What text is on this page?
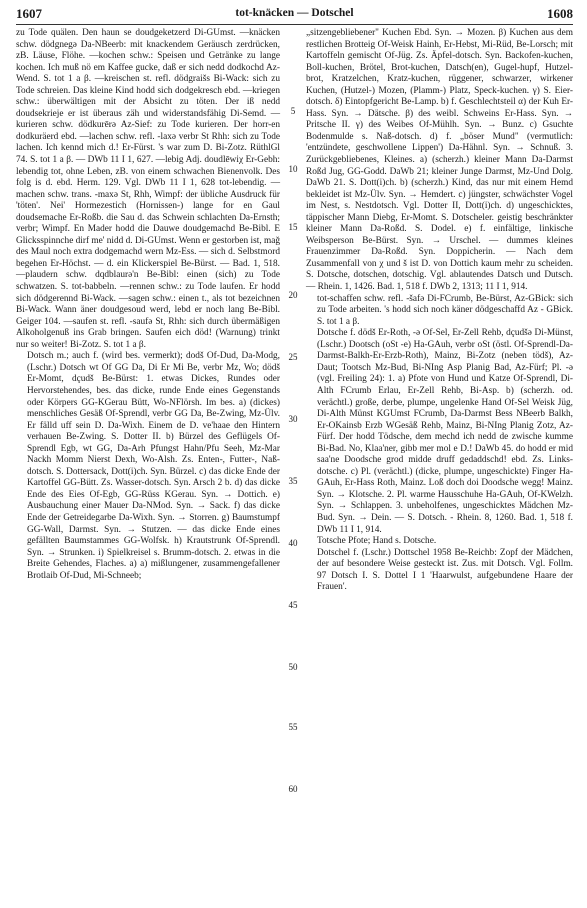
1607	tot-knäcken — Dotschel	1608

zu Tode quälen. Den haun se doudgeketzerd Di-GUmst. —knäcken schw. dödgnegə Da-NBeerb: mit knackendem Geräusch zerdrücken, zB. Läuse, Flöhe. —kochen schw.: Speisen und Getränke zu lange kochen. Ich muß nö em Kaffee gucke, daß er sich nedd dodkochd Az-Wend. S. tot 1 a β. —kreischen st. refl. dödgraišs Bi-Wack: sich zu Tode schreien. Das kleine Kind hodd sich dodgekresch ebd. —kriegen schw.: überwältigen mit der Absicht zu töten. Der iß nedd doudsekrieje er ist überaus zäh und widerstandsfähig Di-Semd. —kurieren schw. dödkurērə Az-Sief: zu Tode kurieren. Der horr-en dodkuräerd ebd. —lachen schw. refl. -laxə verbr St Rhh: sich zu Tode lachen. Ich kennd mich d.! Er-Fürst. 's war zum D. Bi-Zotz. RüthlGl 74. S. tot 1 a β. — DWb 11 I 1, 627. —lebig Adj. doudlēwiχ Er-Gebh: lebendig tot, ohne Leben, zB. von einem schwachen Bienenvolk. Des folg is d. ebd. Herm. 129. Vgl. DWb 11 I 1, 628 tot-lebendig. —machen schw. trans. -maxə St, Rhh, Wimpf: der übliche Ausdruck für 'töten'. Nei' Hormezestich (Hornissen-) lange for en Gaul doudsemache Er-Roßb. die Sau d. das Schwein schlachten Da-Ernsth; verbr; Wimpf. En Mader hodd die Dauwe doudgemachd Be-Bibl. E Glicksspinnche dirf me' nidd d. Di-GUmst. Wenn er gestorben ist, mağ des Maul noch extra dodgemachd wern Mz-Ess. — sich d. Selbstmord begehen Er-Höchst. — d. ein Klickerspiel Be-Bürst. — Bad. 1, 518. —plaudern schw. dqdblaurə'n Be-Bibl: einen (sich) zu Tode schwatzen. S. tot-babbeln. —rennen schw.: zu Tode laufen. Er hodd sich dödgerennd Bi-Wack. —sagen schw.: einen t., als tot bezeichnen Bi-Wack. Wann äner doudgesoud werd, lebd er noch lang Be-Bibl. Geiger 104. —saufen st. refl. -saufə St, Rhh: sich durch übermäßigen Alkoholgenuß ins Grab bringen. Saufen eich död! (Warnung) trinkt nur so weiter! Bi-Zotz. S. tot 1 a β.

Dotsch m.; auch f. (wird bes. vermerkt); dodš Of-Dud, Da-Modg, (Lschr.) Dotsch wt Of GG Da, Di Er Mi Be, verbr Mz, Wo; dödš Er-Momt, dçudš Be-Bürst: 1. etwas Dickes, Rundes oder Hervorstehendes, bes. das dicke, runde Ende eines Gegenstands oder Körpers GG-KGerau Bütt, Wo-NFlörsh. Im bes. a) (dickes) menschliches Gesäß Of-Sprendl, verbr GG Da, Be-Zwing, Mz-Ülv. Er fälld uff sein D. Da-Wixh. Einem de D. ve'haae den Hintern verhauen Be-Zwing. S. Dotter II. b) Bürzel des Geflügels Of-Sprendl Egb, wt GG, Da-Arh Pfungst Hahn/Pfu Seeh, Mz-Mar Nackh Momm Nierst Dexh, Wo-Alsh. Zs. Enten-, Futter-, Naß-dotsch. S. Dottersack, Dott(i)ch. Syn. Bürzel. c) das dicke Ende der Kartoffel GG-Bütt. Zs. Wasser-dotsch. Syn. Arsch 2 b. d) das dicke Ende des Eies Of-Egb, GG-Rüss KGerau. Syn. → Dottich. e) Ausbauchung einer Mauer Da-NMod. Syn. → Sack. f) das dicke Ende der Getreidegarbe Da-Wixh. Syn. → Storren. g) Baumstumpf GG-Wall, Darmst. Syn. → Stutzen. — das dicke Ende eines gefällten Baumstammes GG-Wolfsk. h) Krautstrunk Of-Sprendl. Syn. → Strunken. i) Spielkreisel s. Brumm-dotsch. 2. etwas in die Breite Gehendes, Flaches. a) a) mißlungener, zusammengefallener Brotlaib Of-Dud, Mi-Schneeb;

5
10
15
20
25
30
35
40
45
50
55
60

„sitzengebliebener" Kuchen Ebd. Syn. → Mozen. β) Kuchen aus dem restlichen Brotteig Of-Weisk Hainh, Er-Hebst, Mi-Rüd, Be-Lorsch; mit Kartoffeln gemischt Of-Jüg. Zs. Äpfel-dotsch. Syn. Backofen-kuchen, Boll-kuchen, Brötel, Brot-kuchen, Datsch(en), Gugel-hupf, Hutzel-brot, Kratzelchen, Kratz-kuchen, rüggener, schwarzer, wirkener Kuchen, (Hutzel-) Mozen, (Plamm-) Platz, Speck-kuchen. γ) S. Eier-dotsch. δ) Eintopfgericht Be-Lamp. b) f. Geschlechtsteil α) der Kuh Er-Hass. Syn. → Dätsche. β) des weibl. Schweins Er-Hass. Syn. → Pritsche II. γ) des Weibes Of-Mühlh. Syn. → Bunz. c) Gsuchte Bodenmulde s. Naß-dotsch. d) f. „böser Mund" (vermutlich: 'entzündete, geschwollene Lippen') Da-Hähnl. Syn. → Schnuß. 3. Zurückgebliebenes, Kleines. a) (scherzh.) kleiner Mann Da-Darmst Roßd Jug, GG-Godd. DaWb 21; kleiner Junge Darmst, Mz-Und Dolg. DaWb 21. S. Dott(i)ch. b) (scherzh.) Kind, das nur mit einem Hemd bekleidet ist Mz-Ülv. Syn. → Hemdert. c) jüngster, schwächster Vogel im Nest, s. Nestdotsch. Vgl. Dotter II, Dott(i)ch. d) ungeschicktes, täppischer Mann Diebg, Er-Momt. S. Dotscheler. geistig beschränkter kleiner Mann Da-Roßd. S. Dodel. e) f. einfältige, linkische Weibsperson Be-Bürst. Syn. → Urschel. — dummes kleines Frauenzimmer Da-Roßd. Syn. Doppicherin. — Nach dem Zusammenfall von χ und š ist D. von Dottich kaum mehr zu scheiden. S. Dotsche, dotschen, dotschig. Vgl. ablautendes Datsch und Dutsch. — Rhein. 1, 1426. Bad. 1, 518 f. DWb 2, 1313; 11 I 1, 914.

tot-schaffen schw. refl. -šafə Di-FCrumb, Be-Bürst, Az-GBick: sich zu Tode arbeiten. 's hodd sich noch käner dödgeschaffd Az - GBick. S. tot 1 a β.

Dotsche f. dödš Er-Roth, -ə Of-Sel, Er-Zell Rehb, dçudšə Di-Münst, (Lschr.) Dootsch (oSt -e) Ha-GAuh, verbr oSt (östl. Of-Sprendl-Da-Darmst-Balkh-Er-Erzb-Roth), Mainz, Bi-Zotz (neben tödš), Az-Daut; Tootsch Mz-Bud, Bi-NIng Asp Planig Bad, Az-Fürf; Pl. -ə (vgl. Freiling 24): 1. a) Pfote von Hund und Katze Of-Sprendl, Di-Alth FCrumb Erlau, Er-Zell Rehb, Bi-Asp. b) (scherzh. od. verächtl.) große, derbe, plumpe, ungelenke Hand Of-Sel Weisk Jüg, Di-Alth Münst KGUmst FCrumb, Da-Darmst Bess NBeerb Balkh, Er-OKainsb Erzb WGesäß Rehb, Mainz, Bi-NIng Planig Zotz, Az-Fürf. Der hodd Tödsche, dem mechd ich nedd de zwische kumme Bi-Bad. No, Klaa'ner, gibb mer mol e D.! DaWb 45. do hodd er mid saa'ne Doodsche grod midde druff gedaddschd! ebd. Zs. Links-dotsche. c) Pl. (verächtl.) (dicke, plumpe, ungeschickte) Finger Ha-GAuh, Er-Hass Roth, Mainz. Loß doch doi Doodsche wegg! Mainz. Syn. → Klotsche. 2. Pl. warme Hausschuhe Ha-GAuh, Of-KWelzh. Syn. → Schlappen. 3. unbeholfenes, ungeschicktes Mädchen Mz-Bud. Syn. → Dein. — S. Dotsch. - Rhein. 8, 1260. Bad. 1, 518 f. DWb 11 I 1, 914.

Totsche Pfote; Hand s. Dotsche.

Dotschel f. (Lschr.) Dottschel 1958 Be-Reichb: Zopf der Mädchen, der auf besondere Weise gesteckt ist. Zus. mit Dotsch. Vgl. Follm. 97 Dotsch I. S. Dottel I 1 'Haarwulst, aufgebundene Haare der Frauen'.
